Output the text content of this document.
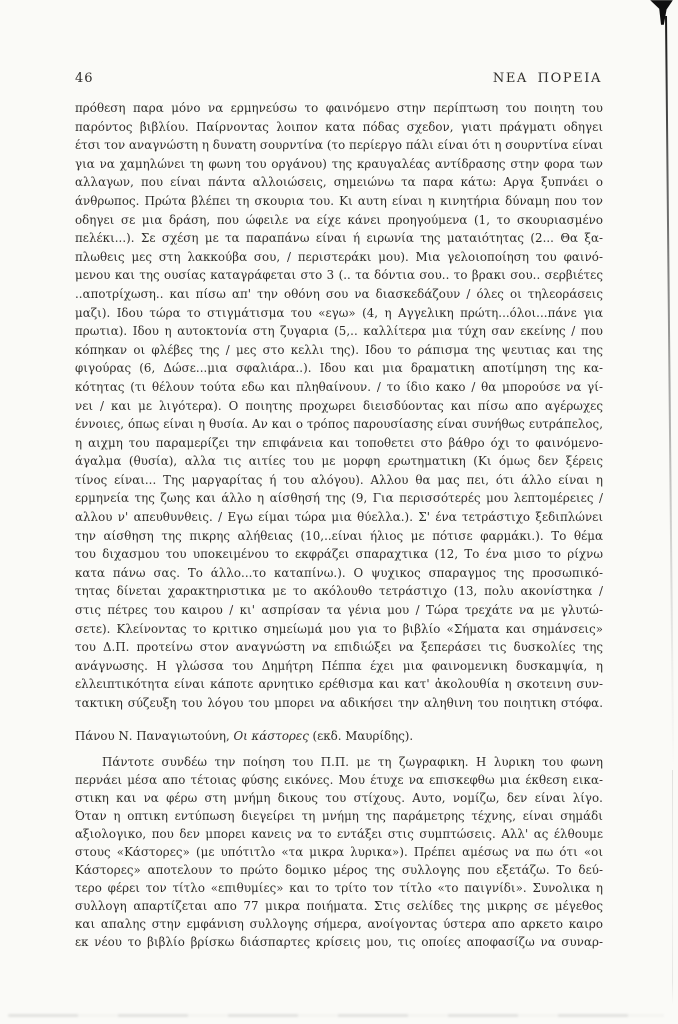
46	ΝΕΑ ΠΟΡΕΙΑ
πρόθεση παρα μόνο να ερμηνεύσω το φαινόμενο στην περίπτωση του ποιητη του
παρόντος βιβλίου. Παίρνοντας λοιπον κατα πόδας σχεδον, γιατι πράγματι οδηγει
έτσι τον αναγνώστη η δυνατη σουρντίνα (το περίεργο πάλι είναι ότι η σουρντίνα είναι
για να χαμηλώνει τη φωνη του οργάνου) της κραυγαλέας αντίδρασης στην φορα των
αλλαγων, που είναι πάντα αλλοιώσεις, σημειώνω τα παρα κάτω: Αργα ξυπνάει ο
άνθρωπος. Πρώτα βλέπει τη σκουρια του. Κι αυτη είναι η κινητήρια δύναμη που τον
οδηγει σε μια δράση, που ώφειλε να είχε κάνει προηγούμενα (1, το σκουριασμένο
πελέκι...). Σε σχέση με τα παραπάνω είναι ή ειρωνία της ματαιότητας (2... Θα ξα-
πλωθεις μες στη λακκούβα σου, / περιστεράκι μου). Μια γελοιοποίηση του φαινό-
μενου και της ουσίας καταγράφεται στο 3 (.. τα δόντια σου.. το βρακι σου.. σερβιέτες
..αποτρίχωση.. και πίσω απ' την οθόνη σου να διασκεδάζουν / όλες οι τηλεοράσεις
μαζι). Ιδου τώρα το στιγμάτισμα του «εγω» (4, η Αγγελικη πρώτη...όλοι...πάνε για
πρωτια). Ιδου η αυτοκτονία στη ζυγαρια (5,.. καλλίτερα μια τύχη σαν εκείνης / που
κόπηκαν οι φλέβες της / μες στο κελλι της). Ιδου το ράπισμα της ψευτιας και της
φιγούρας (6, Δώσε...μια σφαλιάρα..). Ιδου και μια δραματικη αποτίμηση της κα-
κότητας (τι θέλουν τούτα εδω και πληθαίνουν. / το ίδιο κακο / θα μπορούσε να γί-
νει / και με λιγότερα). Ο ποιητης προχωρει διεισδύοντας και πίσω απο αγέρωχες
έννοιες, όπως είναι η θυσία. Αν και ο τρόπος παρουσίασης είναι συνήθως ευτράπελος,
η αιχμη του παραμερίζει την επιφάνεια και τοποθετει στο βάθρο όχι το φαινόμενο-
άγαλμα (θυσία), αλλα τις αιτίες του με μορφη ερωτηματικη (Κι όμως δεν ξέρεις
τίνος είναι... Της μαργαρίτας ή του αλόγου). Αλλου θα μας πει, ότι άλλο είναι η
ερμηνεία της ζωης και άλλο η αίσθησή της (9, Για περισσότερές μου λεπτομέρειες /
αλλου ν' απευθυνθεις. / Εγω είμαι τώρα μια θύελλα.). Σ' ένα τετράστιχο ξεδιπλώνει
την αίσθηση της πικρης αλήθειας (10,..είναι ήλιος με πότισε φαρμάκι.). Το θέμα
του διχασμου του υποκειμένου το εκφράζει σπαραχτικα (12, Το ένα μισο το ρίχνω
κατα πάνω σας. Το άλλο...το καταπίνω.). Ο ψυχικος σπαραγμος της προσωπικό-
τητας δίνεται χαρακτηριστικα με το ακόλουθο τετράστιχο (13, πολυ ακονίστηκα /
στις πέτρες του καιρου / κι' ασπρίσαν τα γένια μου / Τώρα τρεχάτε να με γλυτώ-
σετε). Κλείνοντας το κριτικο σημείωμά μου για το βιβλίο «Σήματα και σημάνσεις»
του Δ.Π. προτείνω στον αναγνώστη να επιδιώξει να ξεπεράσει τις δυσκολίες της
ανάγνωσης. Η γλώσσα του Δημήτρη Πέππα έχει μια φαινομενικη δυσκαμψία, η
ελλειπτικότητα είναι κάποτε αρνητικο ερέθισμα και κατ' ἀκολουθία η σκοτεινη συν-
τακτικη σύζευξη του λόγου του μπορει να αδικήσει την αληθινη του ποιητικη στόφα.
Πάνου Ν. Παναγιωτούνη, Οι κάστορες (εκδ. Μαυρίδης).
Πάντοτε συνδέω την ποίηση του Π.Π. με τη ζωγραφικη. Η λυρικη του φωνη
περνάει μέσα απο τέτοιας φύσης εικόνες. Μου έτυχε να επισκεφθω μια έκθεση εικα-
στικη και να φέρω στη μνήμη δικους του στίχους. Αυτο, νομίζω, δεν είναι λίγο.
Όταν η οπτικη εντύπωση διεγείρει τη μνήμη της παράμετρης τέχνης, είναι σημάδι
αξιολογικο, που δεν μπορει κανεις να το εντάξει στις συμπτώσεις. Αλλ' ας έλθουμε
στους «Κάστορες» (με υπότιτλο «τα μικρα λυρικα»). Πρέπει αμέσως να πω ότι «οι
Κάστορες» αποτελουν το πρώτο δομικο μέρος της συλλογης που εξετάζω. Το δεύ-
τερο φέρει τον τίτλο «επιθυμίες» και το τρίτο τον τίτλο «το παιγνίδι». Συνολικα η
συλλογη απαρτίζεται απο 77 μικρα ποιήματα. Στις σελίδες της μικρης σε μέγεθος
και απαλης στην εμφάνιση συλλογης σήμερα, ανοίγοντας ύστερα απο αρκετο καιρο
εκ νέου το βιβλίο βρίσκω διάσπαρτες κρίσεις μου, τις οποίες αποφασίζω να συναρ-
